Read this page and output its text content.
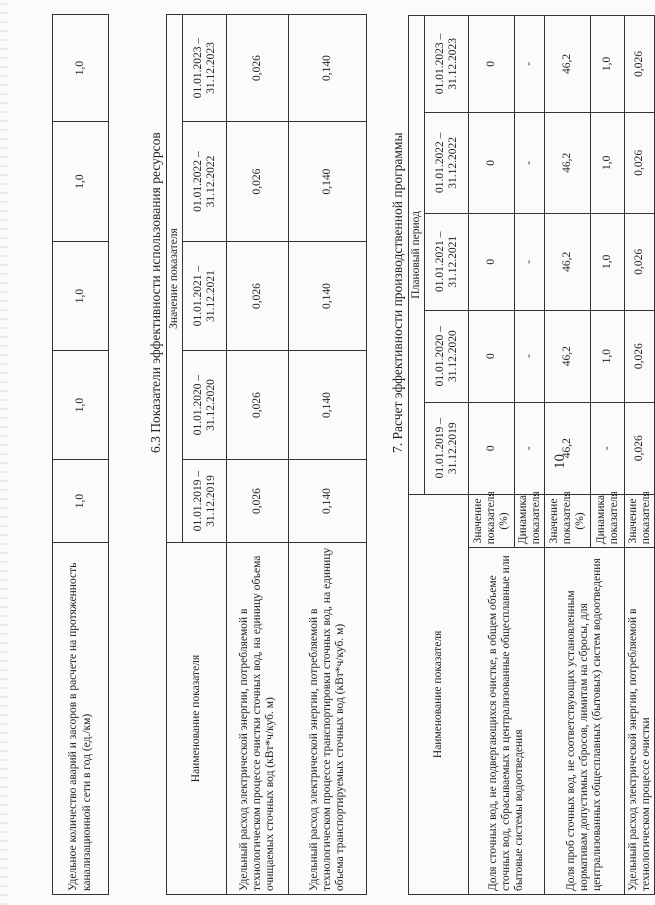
10
Удельное количество аварий и засоров в расчете на протяженность канализационной сети в год (ед./км)	1,0	1,0	1,0	1,0	1,0
6.3 Показатели эффективности использования ресурсов
Наименование показателя	Значение показателя				
	01.01.2019 – 31.12.2019	01.01.2020 – 31.12.2020	01.01.2021 – 31.12.2021	01.01.2022 – 31.12.2022	01.01.2023 – 31.12.2023
Удельный расход электрической энергии, потребляемой в технологическом процессе очистки сточных вод, на единицу объема очищаемых сточных вод (кВт*ч/куб. м)	0,026	0,026	0,026	0,026	0,026
Удельный расход электрической энергии, потребляемой в технологическом процессе транспортировки сточных вод, на единицу объема транспортируемых сточных вод (кВт*ч/куб. м)	0,140	0,140	0,140	0,140	0,140
7. Расчет эффективности производственной программы
Наименование показателя		Плановый период				
		01.01.2019 – 31.12.2019	01.01.2020 – 31.12.2020	01.01.2021 – 31.12.2021	01.01.2022 – 31.12.2022	01.01.2023 – 31.12.2023
Доля сточных вод, не подвергающихся очистке, в общем объеме сточных вод, сбрасываемых в централизованные общесплавные или бытовые системы водоотведения	Значение показателя (%)	0	0	0	0	0
	Динамика показателя	-	-	-	-	-
Доля проб сточных вод, не соответствующих установленным нормативам допустимых сбросов, лимитам на сбросы, для централизованных общесплавных (бытовых) систем водоотведения	Значение показателя (%)	46,2	46,2	46,2	46,2	46,2
	Динамика показателя	-	1,0	1,0	1,0	1,0
Удельный расход электрической энергии, потребляемой в технологическом процессе очистки	Значение показателя	0,026	0,026	0,026	0,026	0,026
